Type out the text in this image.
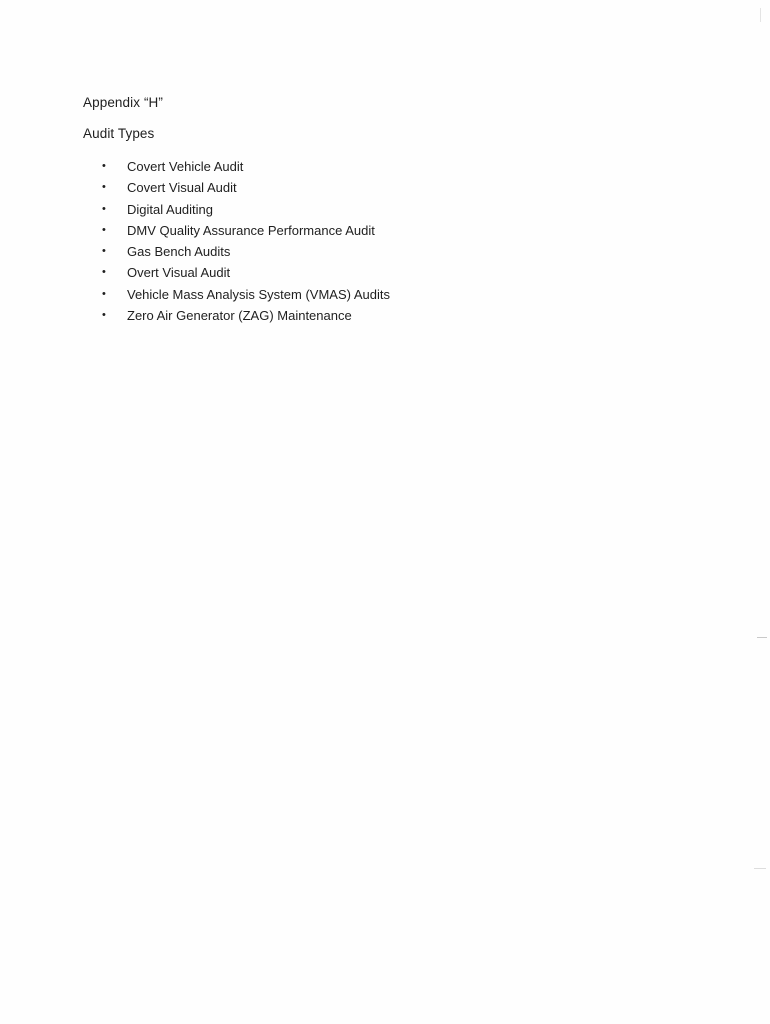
Appendix “H”
Audit Types
• Covert Vehicle Audit
• Covert Visual Audit
• Digital Auditing
• DMV Quality Assurance Performance Audit
• Gas Bench Audits
• Overt Visual Audit
• Vehicle Mass Analysis System (VMAS) Audits
• Zero Air Generator (ZAG) Maintenance
